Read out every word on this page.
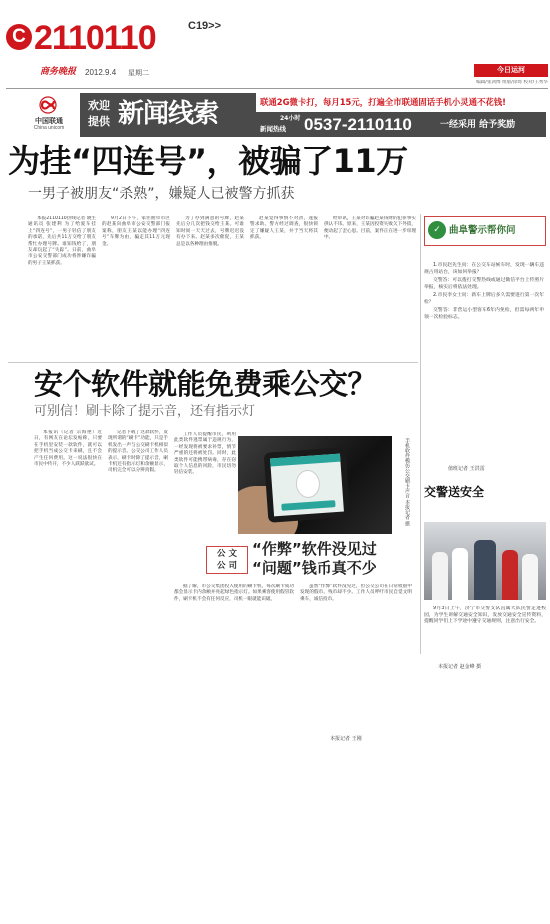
C 2110110	C19>>
商务晚报 2012.9.4 星期二	今日运河
编辑/张鸿博 组版/徐琦 校对/王秀华
中国联通
China unicom
欢迎
提供 新闻线索	联通2G微卡打，每月15元，打遍全市联通固话手机小灵通不花钱!
24小时
新闻热线 0537-2110110	一经采用 给予奖励
为挂“四连号”，被骗了11万
一男子被朋友“杀熟”，嫌疑人已被警方抓获

本报2110110热线记者 晓生 通讯员 张建利 为了给爱车挂上“四连号”，一男子轻信了朋友的承诺，先后共11万交给了朋友帮忙办理号牌。谁知钱给了，朋友却玩起了“失踪”。日前，曲阜市公安交警部门成功将涉嫌诈骗的男子王某抓获。

9月2日下午，家住曲阜市区的赵某向曲阜市公安交警部门报案称，朋友王某以能办理“四连号”车牌为由，骗走其11万元现金。

为了办到满意的号牌，赵某先后分几次把钱交给王某。可谁知时间一天天过去，号牌迟迟没有办下来。赵某多次催促，王某总是以各种理由推脱。

赵某觉得事情不对劲，遂报警求助。警方经过调查，很快锁定了嫌疑人王某，并于当天将其抓获。

经审讯，王某对诈骗赵某钱财的犯罪事实供认不讳。原来，王某因投资失败欠下外债，便动起了歪心思。目前，案件正在进一步审理中。

✓ 曲阜警示帮你问

1.市民赵先生问：在公交车站候车时，发现一辆车违规占用站台，该如何举报？

交警答：可以拨打交警热线或通过微信平台上传照片举报，核实后将依法处理。

2.市民李女士问：新车上牌后多久需要进行第一次年检？

交警答：非营运小型客车6年内免检，但需每两年申领一次检验标志。

值班记者 王洪雷
安个软件就能免费乘公交？
可别信！刷卡除了提示音，还有指示灯

本报讯（记者 宗海艳）近日，有网友在论坛发帖称，只要在手机里安装一款软件，就可以把手机当成公交卡来刷，且不会产生任何费用。这一说法很快在市民中传开，不少人跃跃欲试。

记者下载了这款软件，发现所谓的“刷卡”功能，只是手机发出一声与公交刷卡机相似的提示音。公交公司工作人员表示，刷卡时除了提示音，刷卡机还有指示灯和余额显示，司机完全可以分辨真假。

工作人员提醒市民，利用此类软件逃票属于违规行为，一经发现将被要求补票，情节严重的还将被处罚。同时，此类软件可能携带病毒，存在窃取个人信息的风险，市民切勿轻信安装。	手机软件模仿公交刷卡声音 本报记者 摄
公 文
公 司
“作弊”软件没见过
“问题”钱币真不少

据了解，市公交集团投入使用的刷卡机，每次刷卡成功都会显示卡内余额并亮起绿色指示灯。如果乘客使用假冒软件，刷卡机不会有任何反应，司机一眼就能识破。

虽然“作弊”软件没见过，但公交公司在日常收银中发现的假币、残币却不少。工作人员呼吁市民自觉文明乘车，诚信投币。

本报记者 王刚
交警送安全

9月3日上午，济宁市交警支队直属大队民警走进校园，为学生讲解交通安全知识，发放交通安全宣传资料，提醒同学们上下学途中遵守交通规则，注意出行安全。

本报记者 赵金峰 摄
